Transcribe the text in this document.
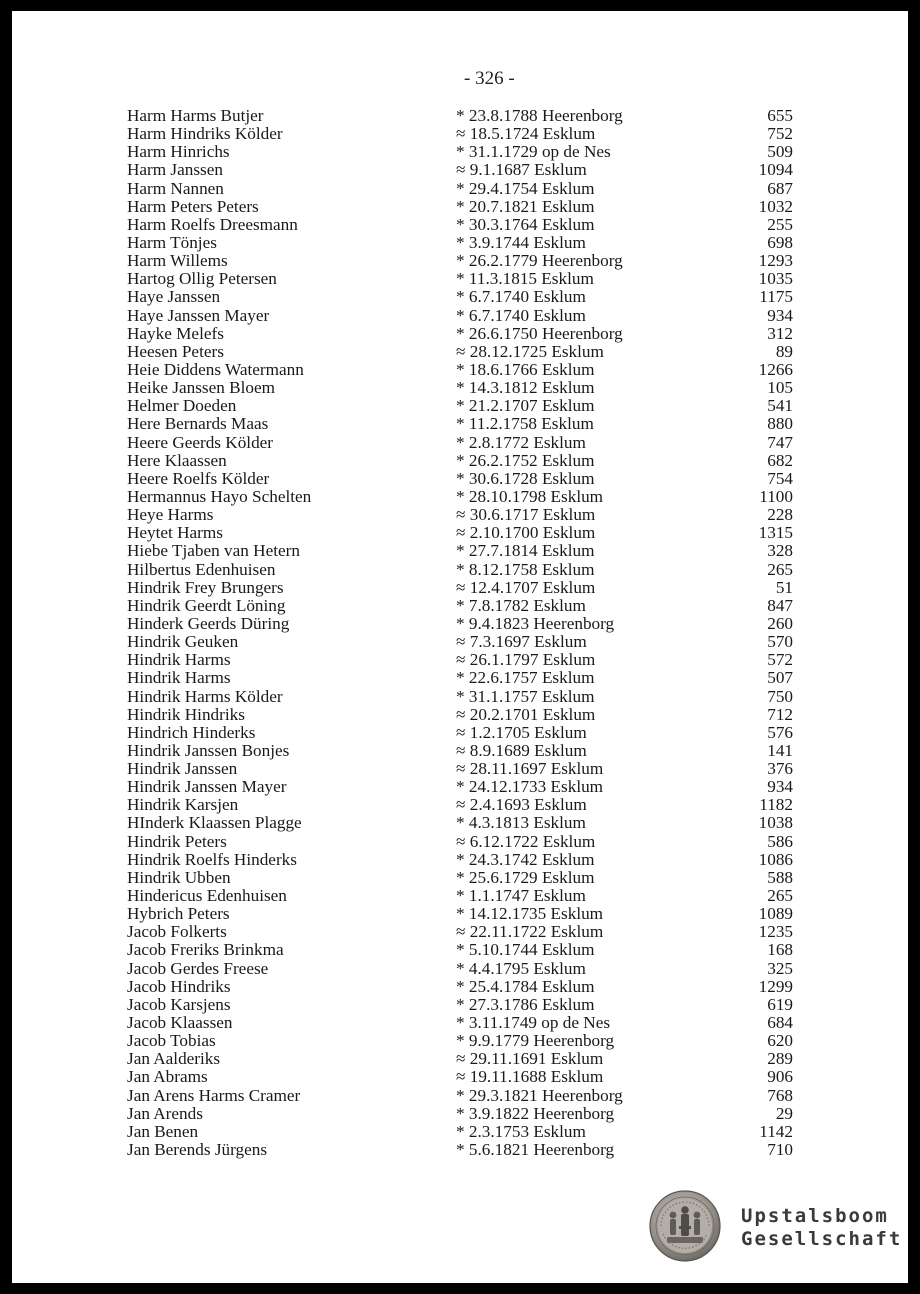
- 326 -
Harm Harms Butjer	* 23.8.1788 Heerenborg	655
Harm Hindriks Kölder	≈ 18.5.1724 Esklum	752
Harm Hinrichs	* 31.1.1729 op de Nes	509
Harm Janssen	≈ 9.1.1687 Esklum	1094
Harm Nannen	* 29.4.1754 Esklum	687
Harm Peters Peters	* 20.7.1821 Esklum	1032
Harm Roelfs Dreesmann	* 30.3.1764 Esklum	255
Harm Tönjes	* 3.9.1744 Esklum	698
Harm Willems	* 26.2.1779 Heerenborg	1293
Hartog Ollig Petersen	* 11.3.1815 Esklum	1035
Haye Janssen	* 6.7.1740 Esklum	1175
Haye Janssen Mayer	* 6.7.1740 Esklum	934
Hayke Melefs	* 26.6.1750 Heerenborg	312
Heesen Peters	≈ 28.12.1725 Esklum	89
Heie Diddens Watermann	* 18.6.1766 Esklum	1266
Heike Janssen Bloem	* 14.3.1812 Esklum	105
Helmer Doeden	* 21.2.1707 Esklum	541
Here Bernards Maas	* 11.2.1758 Esklum	880
Heere Geerds Kölder	* 2.8.1772 Esklum	747
Here Klaassen	* 26.2.1752 Esklum	682
Heere Roelfs Kölder	* 30.6.1728 Esklum	754
Hermannus Hayo Schelten	* 28.10.1798 Esklum	1100
Heye Harms	≈ 30.6.1717 Esklum	228
Heytet Harms	≈ 2.10.1700 Esklum	1315
Hiebe Tjaben van Hetern	* 27.7.1814 Esklum	328
Hilbertus Edenhuisen	* 8.12.1758 Esklum	265
Hindrik Frey Brungers	≈ 12.4.1707 Esklum	51
Hindrik Geerdt Löning	* 7.8.1782 Esklum	847
Hinderk Geerds Düring	* 9.4.1823 Heerenborg	260
Hindrik Geuken	≈ 7.3.1697 Esklum	570
Hindrik Harms	≈ 26.1.1797 Esklum	572
Hindrik Harms	* 22.6.1757 Esklum	507
Hindrik Harms Kölder	* 31.1.1757 Esklum	750
Hindrik Hindriks	≈ 20.2.1701 Esklum	712
Hindrich Hinderks	≈ 1.2.1705 Esklum	576
Hindrik Janssen Bonjes	≈ 8.9.1689 Esklum	141
Hindrik Janssen	≈ 28.11.1697 Esklum	376
Hindrik Janssen Mayer	* 24.12.1733 Esklum	934
Hindrik Karsjen	≈ 2.4.1693 Esklum	1182
HInderk Klaassen Plagge	* 4.3.1813 Esklum	1038
Hindrik Peters	≈ 6.12.1722 Esklum	586
Hindrik Roelfs Hinderks	* 24.3.1742 Esklum	1086
Hindrik Ubben	* 25.6.1729 Esklum	588
Hindericus Edenhuisen	* 1.1.1747 Esklum	265
Hybrich Peters	* 14.12.1735 Esklum	1089
Jacob Folkerts	≈ 22.11.1722 Esklum	1235
Jacob Freriks Brinkma	* 5.10.1744 Esklum	168
Jacob Gerdes Freese	* 4.4.1795 Esklum	325
Jacob Hindriks	* 25.4.1784 Esklum	1299
Jacob Karsjens	* 27.3.1786 Esklum	619
Jacob Klaassen	* 3.11.1749 op de Nes	684
Jacob Tobias	* 9.9.1779 Heerenborg	620
Jan Aalderiks	≈ 29.11.1691 Esklum	289
Jan Abrams	≈ 19.11.1688 Esklum	906
Jan Arens Harms Cramer	* 29.3.1821 Heerenborg	768
Jan Arends	* 3.9.1822 Heerenborg	29
Jan Benen	* 2.3.1753 Esklum	1142
Jan Berends Jürgens	* 5.6.1821 Heerenborg	710
Upstalsboom
Gesellschaft
